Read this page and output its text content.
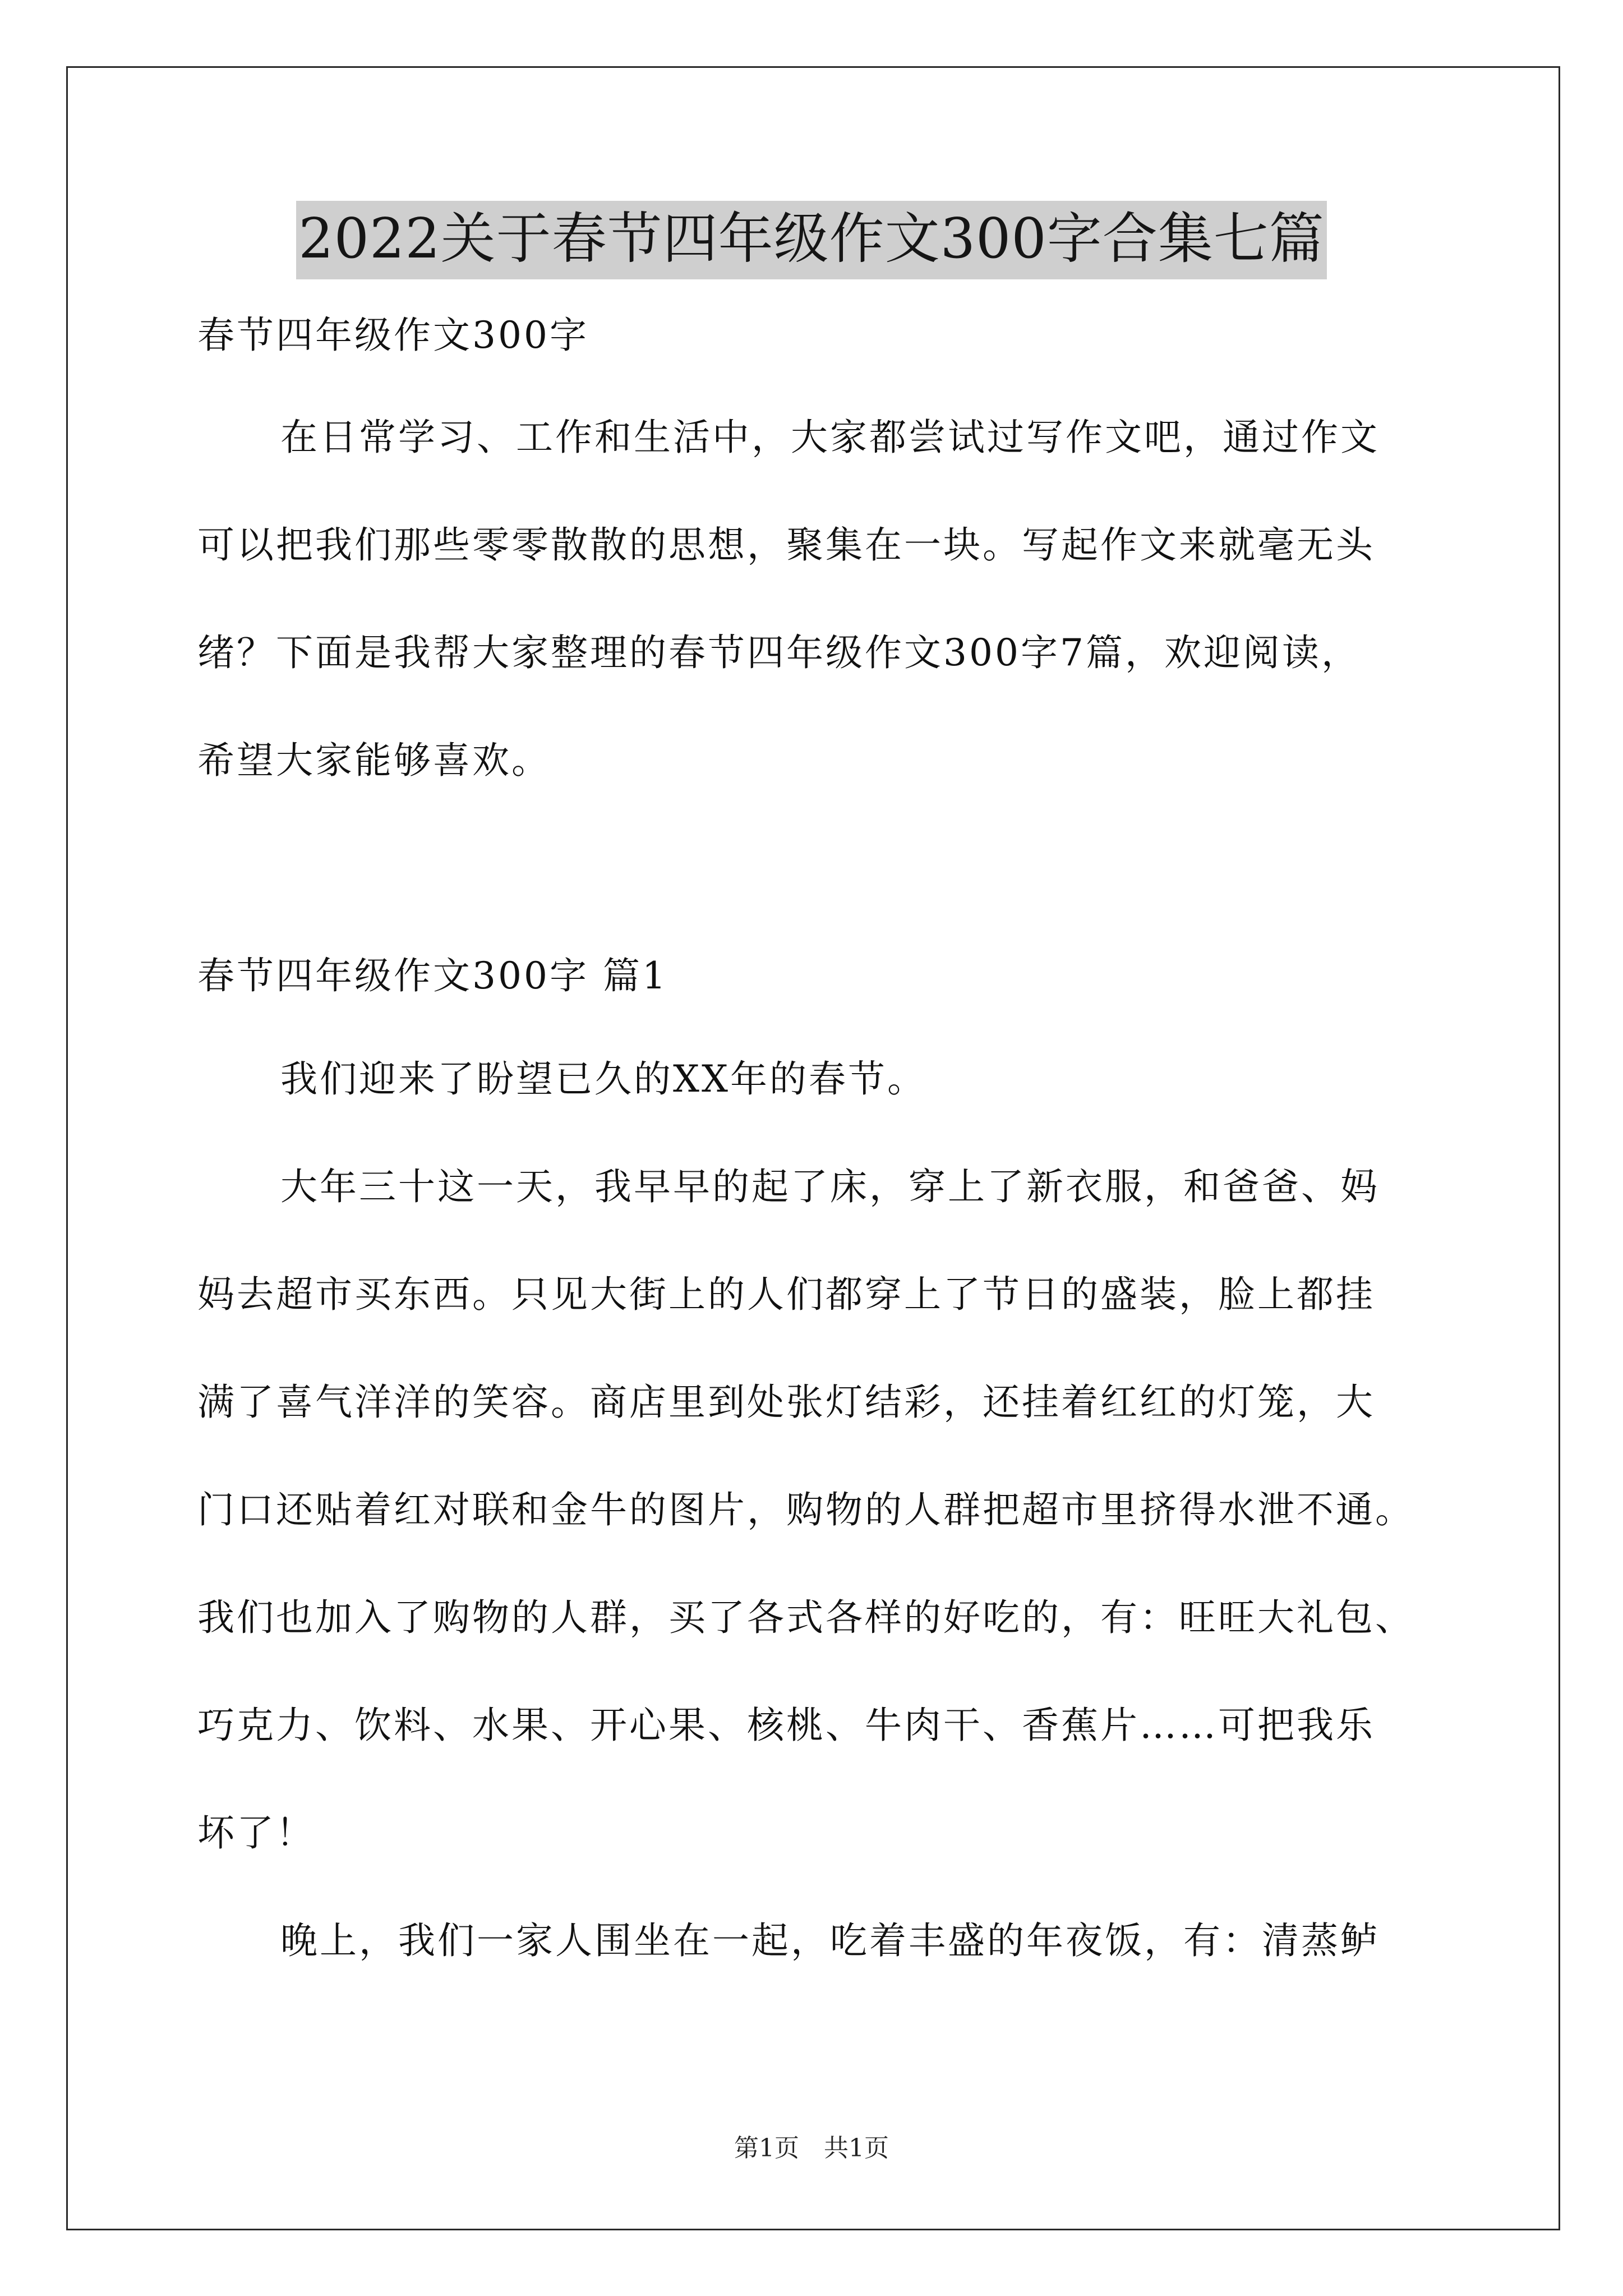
2022关于春节四年级作文300字合集七篇
春节四年级作文300字
在日常学习、工作和生活中，大家都尝试过写作文吧，通过作文
可以把我们那些零零散散的思想，聚集在一块。写起作文来就毫无头
绪？下面是我帮大家整理的春节四年级作文300字7篇，欢迎阅读，
希望大家能够喜欢。
春节四年级作文300字 篇1
我们迎来了盼望已久的XX年的春节。
大年三十这一天，我早早的起了床，穿上了新衣服，和爸爸、妈
妈去超市买东西。只见大街上的人们都穿上了节日的盛装，脸上都挂
满了喜气洋洋的笑容。商店里到处张灯结彩，还挂着红红的灯笼，大
门口还贴着红对联和金牛的图片，购物的人群把超市里挤得水泄不通。
我们也加入了购物的人群，买了各式各样的好吃的，有：旺旺大礼包、
巧克力、饮料、水果、开心果、核桃、牛肉干、香蕉片……可把我乐
坏了！
晚上，我们一家人围坐在一起，吃着丰盛的年夜饭，有：清蒸鲈
第1页 共1页
